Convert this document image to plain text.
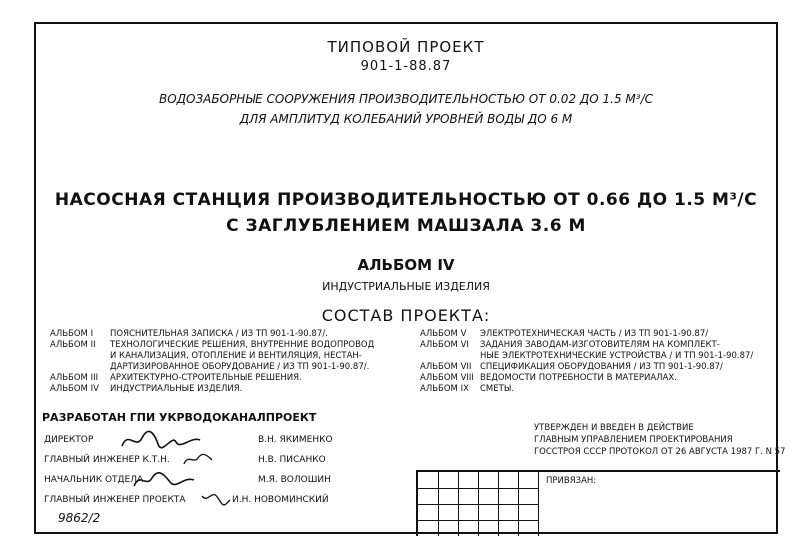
ТИПОВОЙ ПРОЕКТ
901-1-88.87
ВОДОЗАБОРНЫЕ СООРУЖЕНИЯ ПРОИЗВОДИТЕЛЬНОСТЬЮ ОТ 0.02 ДО 1.5 М³/С
ДЛЯ АМПЛИТУД КОЛЕБАНИЙ УРОВНЕЙ ВОДЫ ДО 6 М
НАСОСНАЯ СТАНЦИЯ ПРОИЗВОДИТЕЛЬНОСТЬЮ ОТ 0.66 ДО 1.5 М³/С
С ЗАГЛУБЛЕНИЕМ МАШЗАЛА 3.6 М
АЛЬБОМ IV
ИНДУСТРИАЛЬНЫЕ ИЗДЕЛИЯ
СОСТАВ ПРОЕКТА:
АЛЬБОМ I ПОЯСНИТЕЛЬНАЯ ЗАПИСКА / ИЗ ТП 901-1-90.87/.
АЛЬБОМ II ТЕХНОЛОГИЧЕСКИЕ РЕШЕНИЯ, ВНУТРЕННИЕ ВОДОПРОВОД
И КАНАЛИЗАЦИЯ, ОТОПЛЕНИЕ И ВЕНТИЛЯЦИЯ, НЕСТАН-
ДАРТИЗИРОВАННОЕ ОБОРУДОВАНИЕ / ИЗ ТП 901-1-90.87/.
АЛЬБОМ III АРХИТЕКТУРНО-СТРОИТЕЛЬНЫЕ РЕШЕНИЯ.
АЛЬБОМ IV ИНДУСТРИАЛЬНЫЕ ИЗДЕЛИЯ.
АЛЬБОМ V ЭЛЕКТРОТЕХНИЧЕСКАЯ ЧАСТЬ / ИЗ ТП 901-1-90.87/
АЛЬБОМ VI ЗАДАНИЯ ЗАВОДАМ-ИЗГОТОВИТЕЛЯМ НА КОМПЛЕКТ-
НЫЕ ЭЛЕКТРОТЕХНИЧЕСКИЕ УСТРОЙСТВА / И ТП 901-1-90.87/
АЛЬБОМ VII СПЕЦИФИКАЦИЯ ОБОРУДОВАНИЯ / ИЗ ТП 901-1-90.87/
АЛЬБОМ VIII ВЕДОМОСТИ ПОТРЕБНОСТИ В МАТЕРИАЛАХ.
АЛЬБОМ IX СМЕТЫ.
РАЗРАБОТАН ГПИ УКРВОДОКАНАЛПРОЕКТ
ДИРЕКТОР
ГЛАВНЫЙ ИНЖЕНЕР К.Т.Н.
НАЧАЛЬНИК ОТДЕЛА
ГЛАВНЫЙ ИНЖЕНЕР ПРОЕКТА
В.Н. ЯКИМЕНКО
Н.В. ПИСАНКО
М.Я. ВОЛОШИН
И.Н. НОВОМИНСКИЙ
9862/2
УТВЕРЖДЕН И ВВЕДЕН В ДЕЙСТВИЕ
ГЛАВНЫМ УПРАВЛЕНИЕМ ПРОЕКТИРОВАНИЯ
ГОССТРОЯ СССР ПРОТОКОЛ ОТ 26 АВГУСТА 1987 Г. N 57
ПРИВЯЗАН:
